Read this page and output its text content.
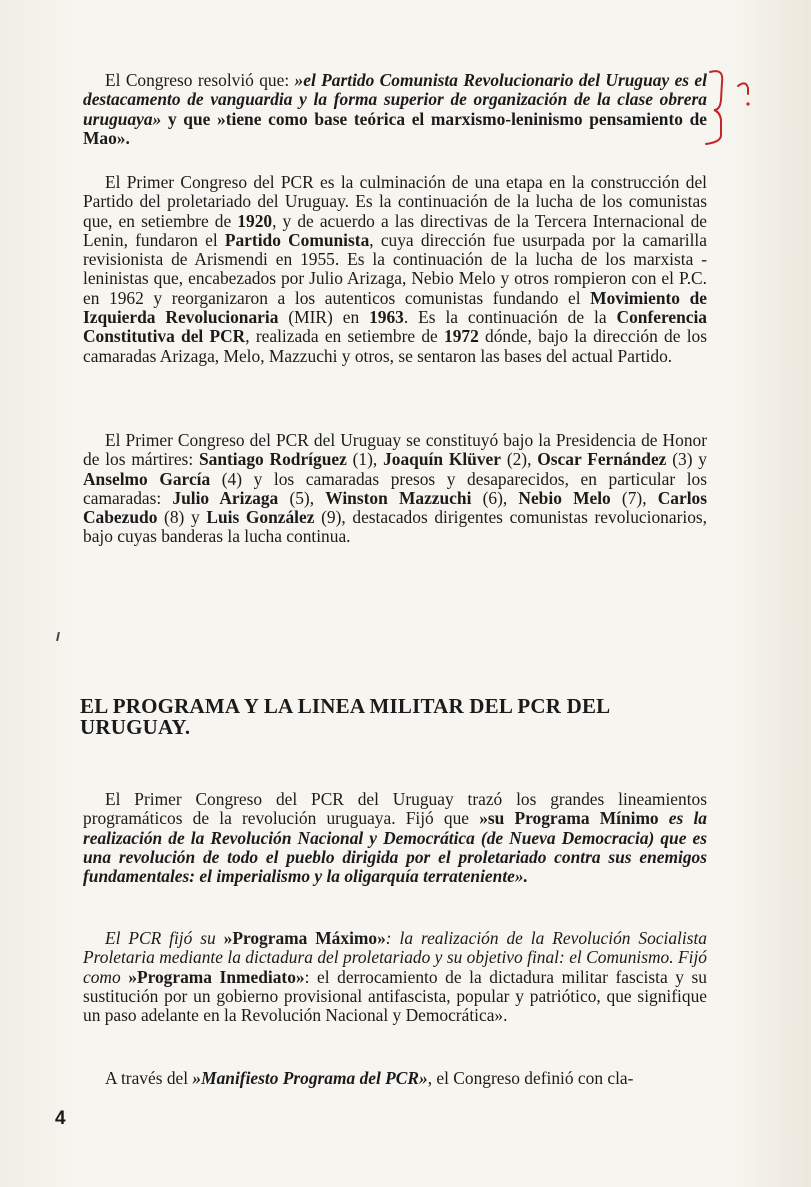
El Congreso resolvió que: »el Partido Comunista Revolucionario del Uruguay es el destacamento de vanguardia y la forma superior de organización de la clase obrera uruguaya» y que »tiene como base teórica el marxismo-leninismo pensamiento de Mao».

El Primer Congreso del PCR es la culminación de una etapa en la construcción del Partido del proletariado del Uruguay. Es la continuación de la lucha de los comunistas que, en setiembre de 1920, y de acuerdo a las directivas de la Tercera Internacional de Lenin, fundaron el Partido Comunista, cuya dirección fue usurpada por la camarilla revisionista de Arismendi en 1955. Es la continuación de la lucha de los marxista - leninistas que, encabezados por Julio Arizaga, Nebio Melo y otros rompieron con el P.C. en 1962 y reorganizaron a los autenticos comunistas fundando el Movimiento de Izquierda Revolucionaria (MIR) en 1963. Es la continuación de la Conferencia Constitutiva del PCR, realizada en setiembre de 1972 dónde, bajo la dirección de los camaradas Arizaga, Melo, Mazzuchi y otros, se sentaron las bases del actual Partido.

El Primer Congreso del PCR del Uruguay se constituyó bajo la Presidencia de Honor de los mártires: Santiago Rodríguez (1), Joaquín Klüver (2), Oscar Fernández (3) y Anselmo García (4) y los camaradas presos y desaparecidos, en particular los camaradas: Julio Arizaga (5), Winston Mazzuchi (6), Nebio Melo (7), Carlos Cabezudo (8) y Luis González (9), destacados dirigentes comunistas revolucionarios, bajo cuyas banderas la lucha continua.

EL PROGRAMA Y LA LINEA MILITAR DEL PCR DEL URUGUAY.

El Primer Congreso del PCR del Uruguay trazó los grandes lineamientos programáticos de la revolución uruguaya. Fijó que »su Programa Mínimo es la realización de la Revolución Nacional y Democrática (de Nueva Democracia) que es una revolución de todo el pueblo dirigida por el proletariado contra sus enemigos fundamentales: el imperialismo y la oligarquía terrateniente».

El PCR fijó su »Programa Máximo»: la realización de la Revolución Socialista Proletaria mediante la dictadura del proletariado y su objetivo final: el Comunismo. Fijó como »Programa Inmediato»: el derrocamiento de la dictadura militar fascista y su sustitución por un gobierno provisional antifascista, popular y patriótico, que signifique un paso adelante en la Revolución Nacional y Democrática».

A través del »Manifiesto Programa del PCR», el Congreso definió con cla-

4
